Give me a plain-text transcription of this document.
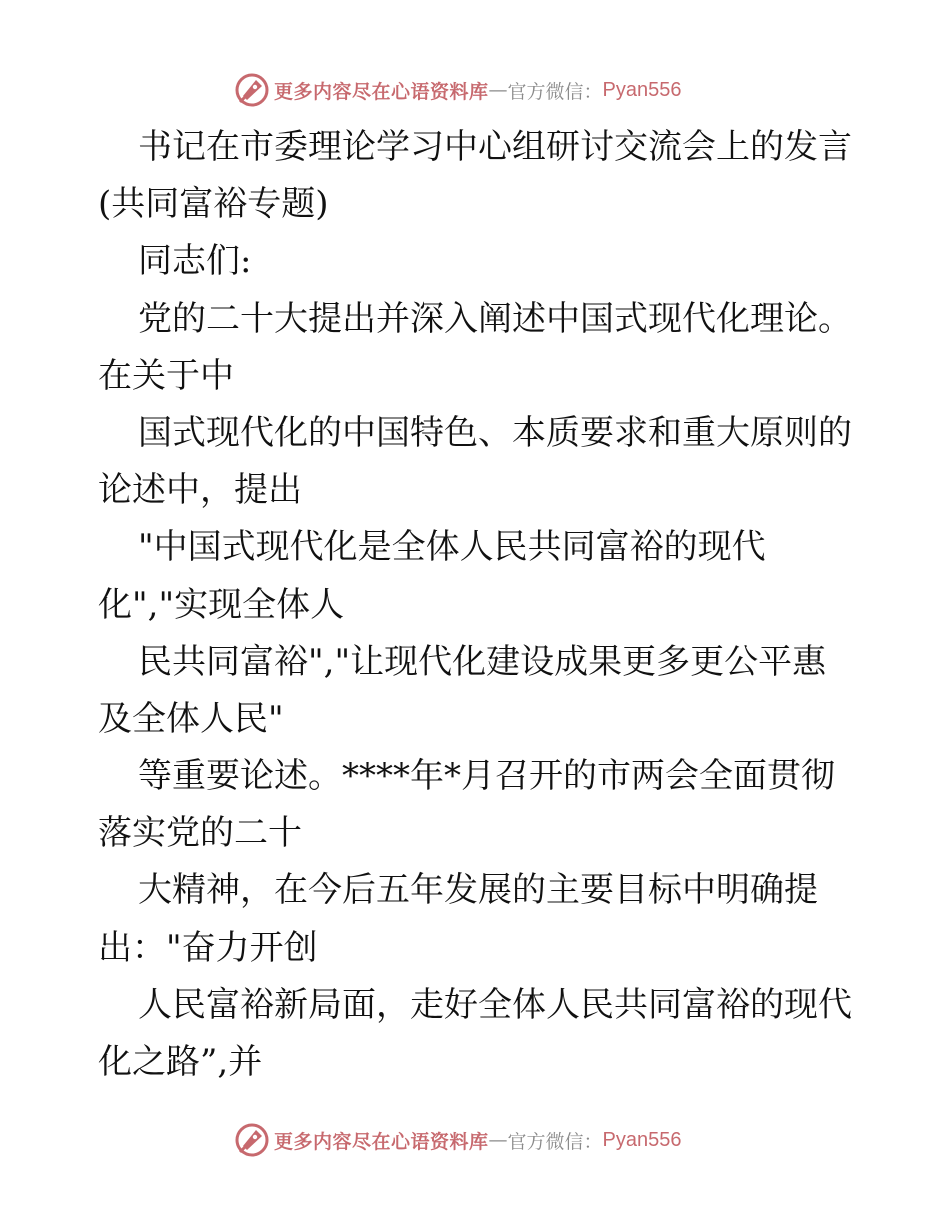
更多内容尽在心语资料库 — 官方微信： Pyan556
书记在市委理论学习中心组研讨交流会上的发言
(共同富裕专题)
同志们:
党的二十大提出并深入阐述中国式现代化理论。
在关于中
国式现代化的中国特色、本质要求和重大原则的
论述中，提出
"中国式现代化是全体人民共同富裕的现代
化","实现全体人
民共同富裕","让现代化建设成果更多更公平惠
及全体人民"
等重要论述。****年*月召开的市两会全面贯彻
落实党的二十
大精神，在今后五年发展的主要目标中明确提
出："奋力开创
人民富裕新局面，走好全体人民共同富裕的现代
化之路”,并
更多内容尽在心语资料库 — 官方微信： Pyan556
